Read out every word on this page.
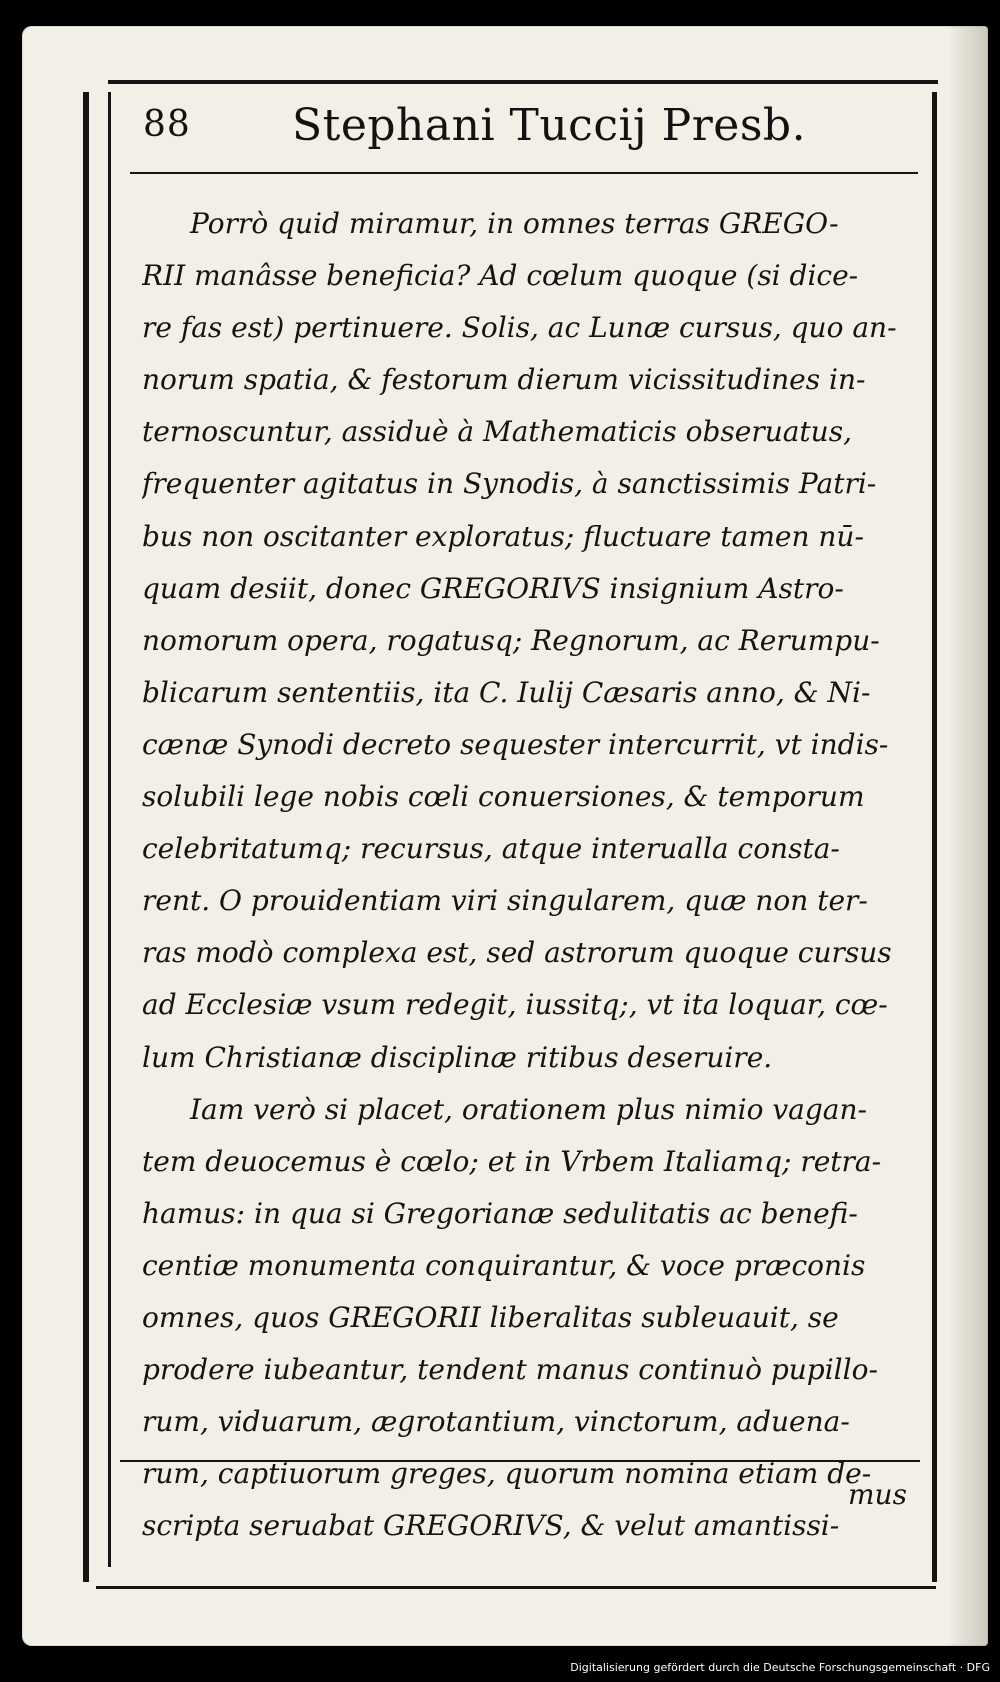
88 Stephani Tuccij Presb.
Porrò quid miramur, in omnes terras GREGO-
RII manâsse beneficia? Ad cœlum quoque (si dice-
re fas est) pertinuere. Solis, ac Lunæ cursus, quo an-
norum spatia, & festorum dierum vicissitudines in-
ternoscuntur, assiduè à Mathematicis obseruatus,
frequenter agitatus in Synodis, à sanctissimis Patri-
bus non oscitanter exploratus; fluctuare tamen nū-
quam desiit, donec GREGORIVS insignium Astro-
nomorum opera, rogatusq; Regnorum, ac Rerumpu-
blicarum sententiis, ita C. Iulij Cæsaris anno, & Ni-
cænæ Synodi decreto sequester intercurrit, vt indis-
solubili lege nobis cœli conuersiones, & temporum
celebritatumq; recursus, atque interualla consta-
rent. O prouidentiam viri singularem, quæ non ter-
ras modò complexa est, sed astrorum quoque cursus
ad Ecclesiæ vsum redegit, iussitq;, vt ita loquar, cœ-
lum Christianæ disciplinæ ritibus deseruire.
Iam verò si placet, orationem plus nimio vagan-
tem deuocemus è cœlo; et in Vrbem Italiamq; retra-
hamus: in qua si Gregorianæ sedulitatis ac benefi-
centiæ monumenta conquirantur, & voce præconis
omnes, quos GREGORII liberalitas subleuauit, se
prodere iubeantur, tendent manus continuò pupillo-
rum, viduarum, ægrotantium, vinctorum, aduena-
rum, captiuorum greges, quorum nomina etiam de-
scripta seruabat GREGORIVS, & velut amantissi-
mus
Digitalisierung gefördert durch die Deutsche Forschungsgemeinschaft · DFG
